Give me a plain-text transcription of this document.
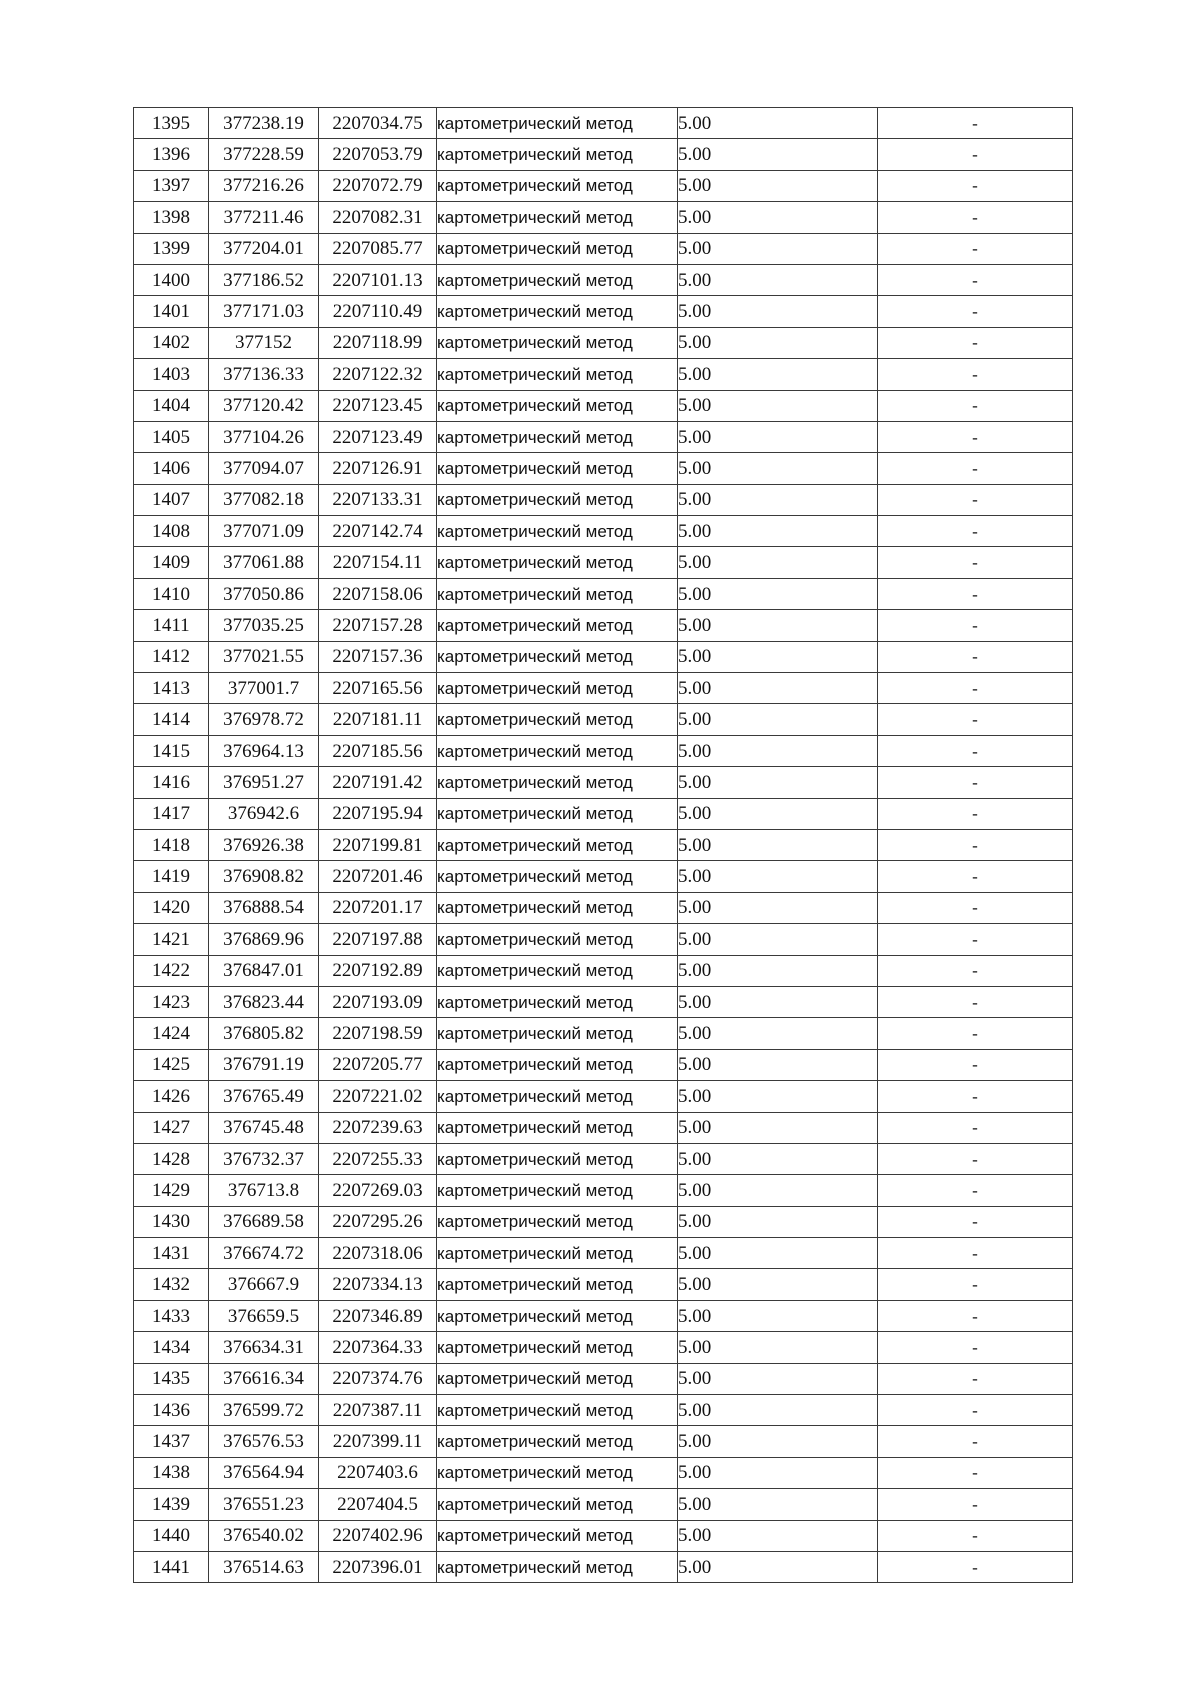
1395	377238.19	2207034.75	картометрический метод	5.00	-
1396	377228.59	2207053.79	картометрический метод	5.00	-
1397	377216.26	2207072.79	картометрический метод	5.00	-
1398	377211.46	2207082.31	картометрический метод	5.00	-
1399	377204.01	2207085.77	картометрический метод	5.00	-
1400	377186.52	2207101.13	картометрический метод	5.00	-
1401	377171.03	2207110.49	картометрический метод	5.00	-
1402	377152	2207118.99	картометрический метод	5.00	-
1403	377136.33	2207122.32	картометрический метод	5.00	-
1404	377120.42	2207123.45	картометрический метод	5.00	-
1405	377104.26	2207123.49	картометрический метод	5.00	-
1406	377094.07	2207126.91	картометрический метод	5.00	-
1407	377082.18	2207133.31	картометрический метод	5.00	-
1408	377071.09	2207142.74	картометрический метод	5.00	-
1409	377061.88	2207154.11	картометрический метод	5.00	-
1410	377050.86	2207158.06	картометрический метод	5.00	-
1411	377035.25	2207157.28	картометрический метод	5.00	-
1412	377021.55	2207157.36	картометрический метод	5.00	-
1413	377001.7	2207165.56	картометрический метод	5.00	-
1414	376978.72	2207181.11	картометрический метод	5.00	-
1415	376964.13	2207185.56	картометрический метод	5.00	-
1416	376951.27	2207191.42	картометрический метод	5.00	-
1417	376942.6	2207195.94	картометрический метод	5.00	-
1418	376926.38	2207199.81	картометрический метод	5.00	-
1419	376908.82	2207201.46	картометрический метод	5.00	-
1420	376888.54	2207201.17	картометрический метод	5.00	-
1421	376869.96	2207197.88	картометрический метод	5.00	-
1422	376847.01	2207192.89	картометрический метод	5.00	-
1423	376823.44	2207193.09	картометрический метод	5.00	-
1424	376805.82	2207198.59	картометрический метод	5.00	-
1425	376791.19	2207205.77	картометрический метод	5.00	-
1426	376765.49	2207221.02	картометрический метод	5.00	-
1427	376745.48	2207239.63	картометрический метод	5.00	-
1428	376732.37	2207255.33	картометрический метод	5.00	-
1429	376713.8	2207269.03	картометрический метод	5.00	-
1430	376689.58	2207295.26	картометрический метод	5.00	-
1431	376674.72	2207318.06	картометрический метод	5.00	-
1432	376667.9	2207334.13	картометрический метод	5.00	-
1433	376659.5	2207346.89	картометрический метод	5.00	-
1434	376634.31	2207364.33	картометрический метод	5.00	-
1435	376616.34	2207374.76	картометрический метод	5.00	-
1436	376599.72	2207387.11	картометрический метод	5.00	-
1437	376576.53	2207399.11	картометрический метод	5.00	-
1438	376564.94	2207403.6	картометрический метод	5.00	-
1439	376551.23	2207404.5	картометрический метод	5.00	-
1440	376540.02	2207402.96	картометрический метод	5.00	-
1441	376514.63	2207396.01	картометрический метод	5.00	-
